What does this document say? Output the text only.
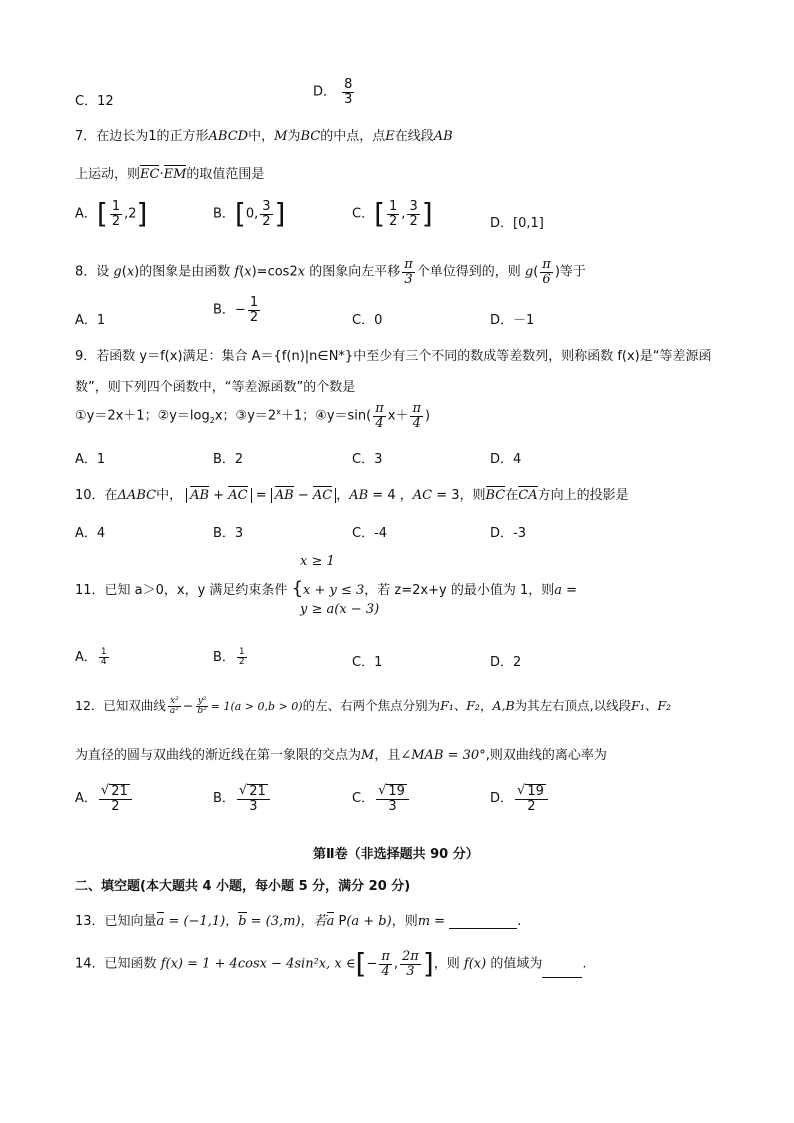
C．12
D． $\frac{8}{3}$
7．在边长为1的正方形ABCD中，M为BC的中点，点E在线段AB
上运动，则EC·EM的取值范围是
A．[ $\frac{1}{2} ,2$]	B．[0, $\frac{3}{2}$ ]	C．[ $\frac{1}{2}$ , $\frac{3}{2}$ ]	D．[0,1]
8．设 g(x)的图象是由函数 f(x)=cos2x 的图象向左平移 $\frac{\pi}{3}$ 个单位得到的，则 $g( \frac{\pi}{6}$ )等于
A．1
B．− $\frac{1}{2}$	C．0	D．－1
9．若函数 y＝f(x)满足：集合 A＝{f(n)|n∈N*}中至少有三个不同的数成等差数列，则称函数 f(x)是“等差源函
数”，则下列四个函数中，“等差源函数”的个数是
①y＝2x＋1；$②y=\log_2x$；$③y=2^x+1$；④y＝sin( $\frac{\pi}{4} x+ \frac{\pi}{4}$ )
A．1	B．2	C．3	D．4
10．在ΔABC中， AB + AC = AB − AC ，AB = 4 ，AC = 3，则BC在CA方向上的投影是
A．4	B．3	C．-4	D．-3
x ≥ 1
11．已知 a＞0，x，y 满足约束条件 {x + y ≤ 3，若 z=2x+y 的最小值为 1，则a =
y ≥ a(x − 3)
A． $\frac{1}{4}$	B． $\frac{1}{2}$	C．1	D．2
12．已知双曲线 $\frac{\text{x²}}{\text{a²}} - \frac{\text{y²}}{\text{b²}} = 1(a > 0,b > 0)$的左、右两个焦点分别为F₁、F₂，A,B为其左右顶点,以线段F₁、F₂
为直径的圆与双曲线的渐近线在第一象限的交点为M，且∠MAB = 30°,则双曲线的离心率为
A． $\frac{√ 21}{2}$	B． $\frac{√ 21}{3}$	C． $\frac{√ 19}{3}$	D． $\frac{√ 19}{2}$
第Ⅱ卷（非选择题共 90 分）
二、填空题(本大题共 4 小题，每小题 5 分，满分 20 分)
13．已知向量a = (−1,1)，b = (3,m)，若a P(a + b)，则m =	.
14．已知函数 f(x) = 1 + 4cosx − 4sin²x, x ∈[− $\frac{\pi}{4}$ , $\frac{2\pi}{3}$ ]，则 f(x) 的值域为	.
